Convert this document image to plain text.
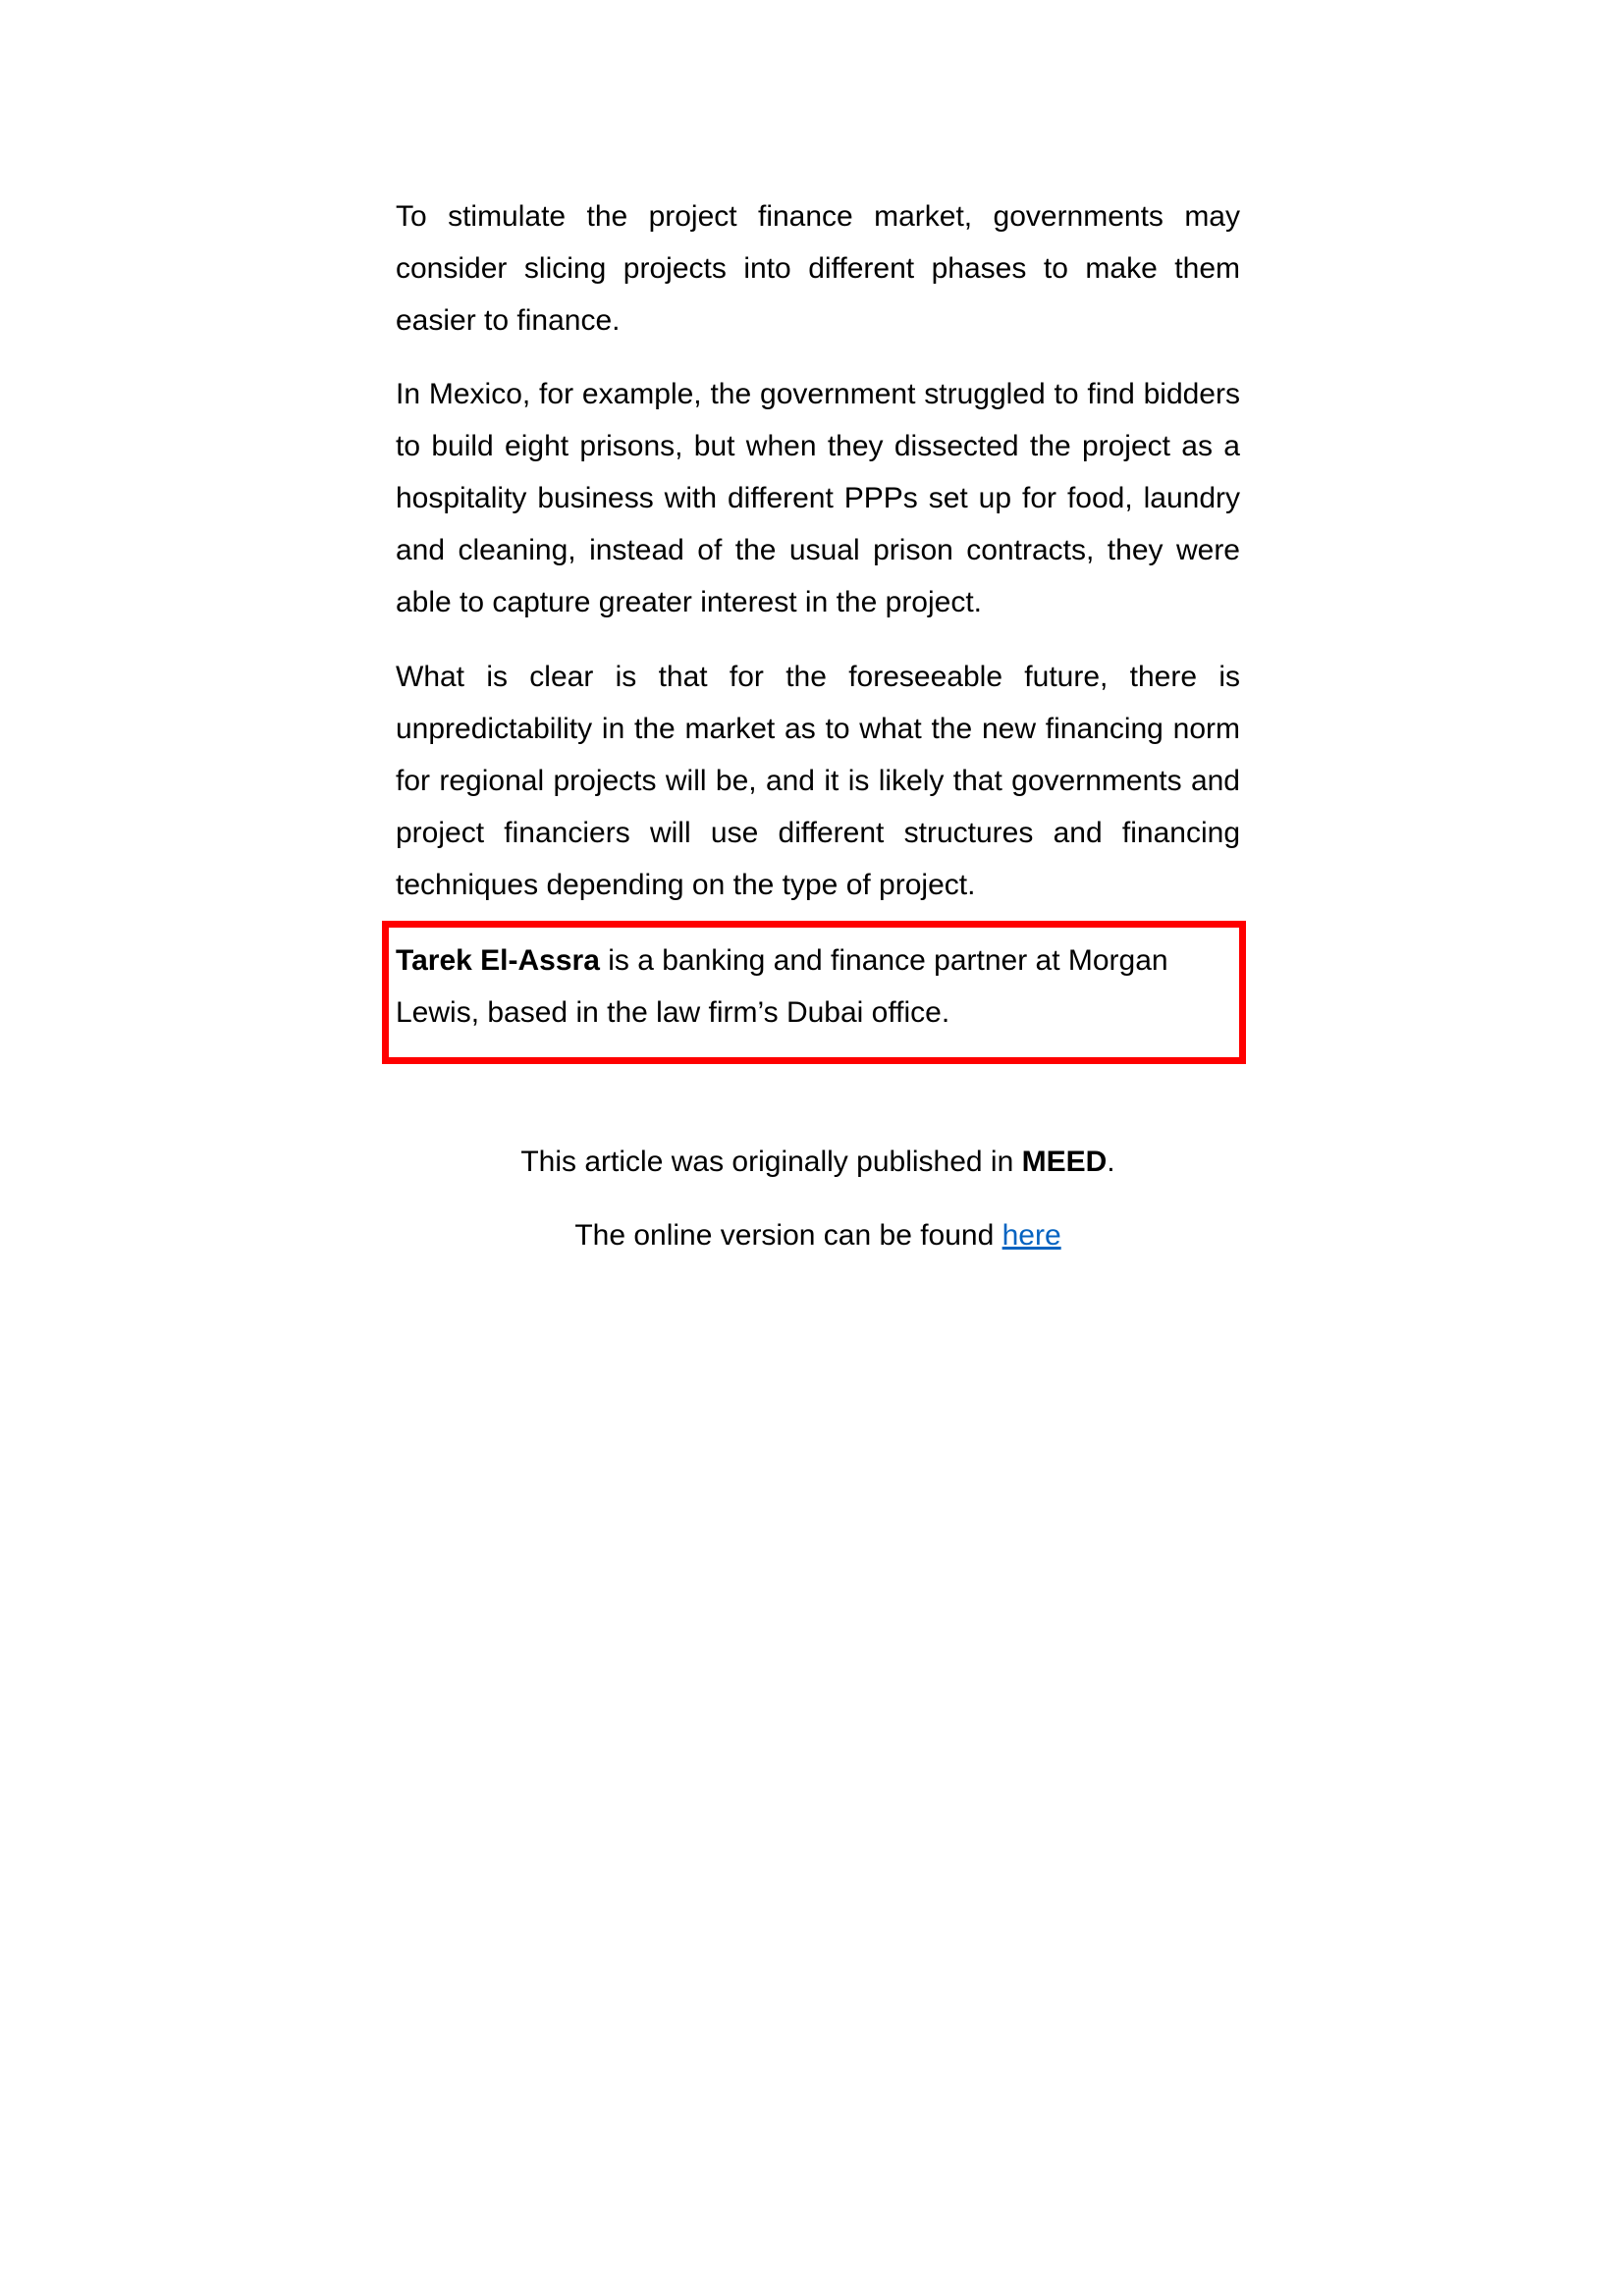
To stimulate the project finance market, governments may consider slicing projects into different phases to make them easier to finance.

In Mexico, for example, the government struggled to find bidders to build eight prisons, but when they dissected the project as a hospitality business with different PPPs set up for food, laundry and cleaning, instead of the usual prison contracts, they were able to capture greater interest in the project.

What is clear is that for the foreseeable future, there is unpredictability in the market as to what the new financing norm for regional projects will be, and it is likely that governments and project financiers will use different structures and financing techniques depending on the type of project.

Tarek El-Assra is a banking and finance partner at Morgan Lewis, based in the law firm’s Dubai office.

This article was originally published in MEED.

The online version can be found here
